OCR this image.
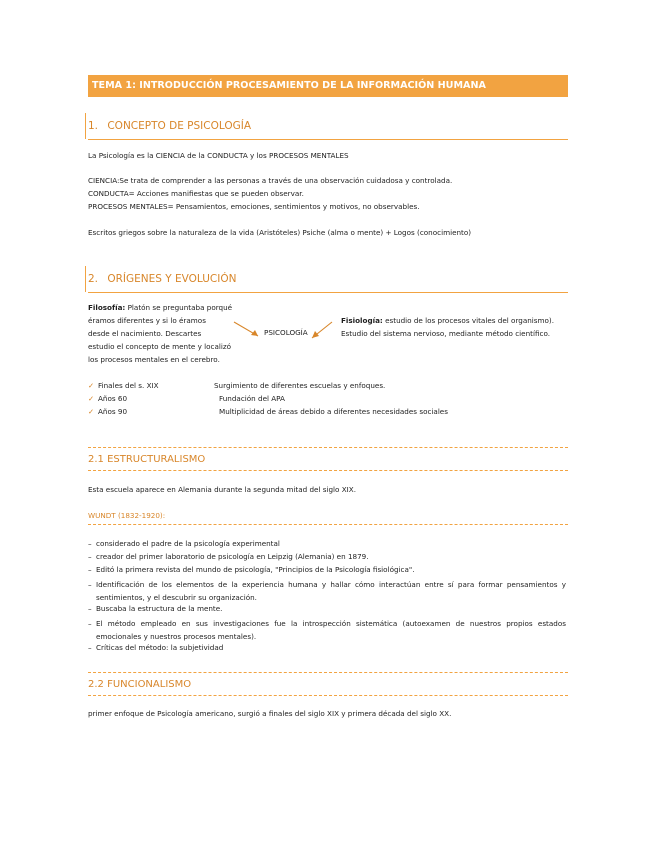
TEMA 1: INTRODUCCIÓN PROCESAMIENTO DE LA INFORMACIÓN HUMANA
1. CONCEPTO DE PSICOLOGÍA
La Psicología es la CIENCIA de la CONDUCTA y los PROCESOS MENTALES
CIENCIA:Se trata de comprender a las personas a través de una observación cuidadosa y controlada.
CONDUCTA= Acciones manifiestas que se pueden observar.
PROCESOS MENTALES= Pensamientos, emociones, sentimientos y motivos, no observables.
Escritos griegos sobre la naturaleza de la vida (Aristóteles) Psiche (alma o mente) + Logos (conocimiento)
2. ORÍGENES Y EVOLUCIÓN
Filosofía: Platón se preguntaba porqué
éramos diferentes y si lo éramos
desde el nacimiento. Descartes
estudio el concepto de mente y localizó
los procesos mentales en el cerebro.
PSICOLOGÍA
Fisiología: estudio de los procesos vitales del organismo).
Estudio del sistema nervioso, mediante método científico.
✓ Finales del s. XIX	Surgimiento de diferentes escuelas y enfoques.
✓ Años 60	Fundación del APA
✓ Años 90	Multiplicidad de áreas debido a diferentes necesidades sociales
2.1 ESTRUCTURALISMO
Esta escuela aparece en Alemania durante la segunda mitad del siglo XIX.
WUNDT (1832-1920):
– considerado el padre de la psicología experimental
– creador del primer laboratorio de psicología en Leipzig (Alemania) en 1879.
– Editó la primera revista del mundo de psicología, "Principios de la Psicología fisiológica".
– Identificación de los elementos de la experiencia humana y hallar cómo interactúan entre sí para formar pensamientos y sentimientos, y el descubrir su organización.
– Buscaba la estructura de la mente.
– El método empleado en sus investigaciones fue la introspección sistemática (autoexamen de nuestros propios estados emocionales y nuestros procesos mentales).
– Críticas del método: la subjetividad
2.2 FUNCIONALISMO
primer enfoque de Psicología americano, surgió a finales del siglo XIX y primera década del siglo XX.
